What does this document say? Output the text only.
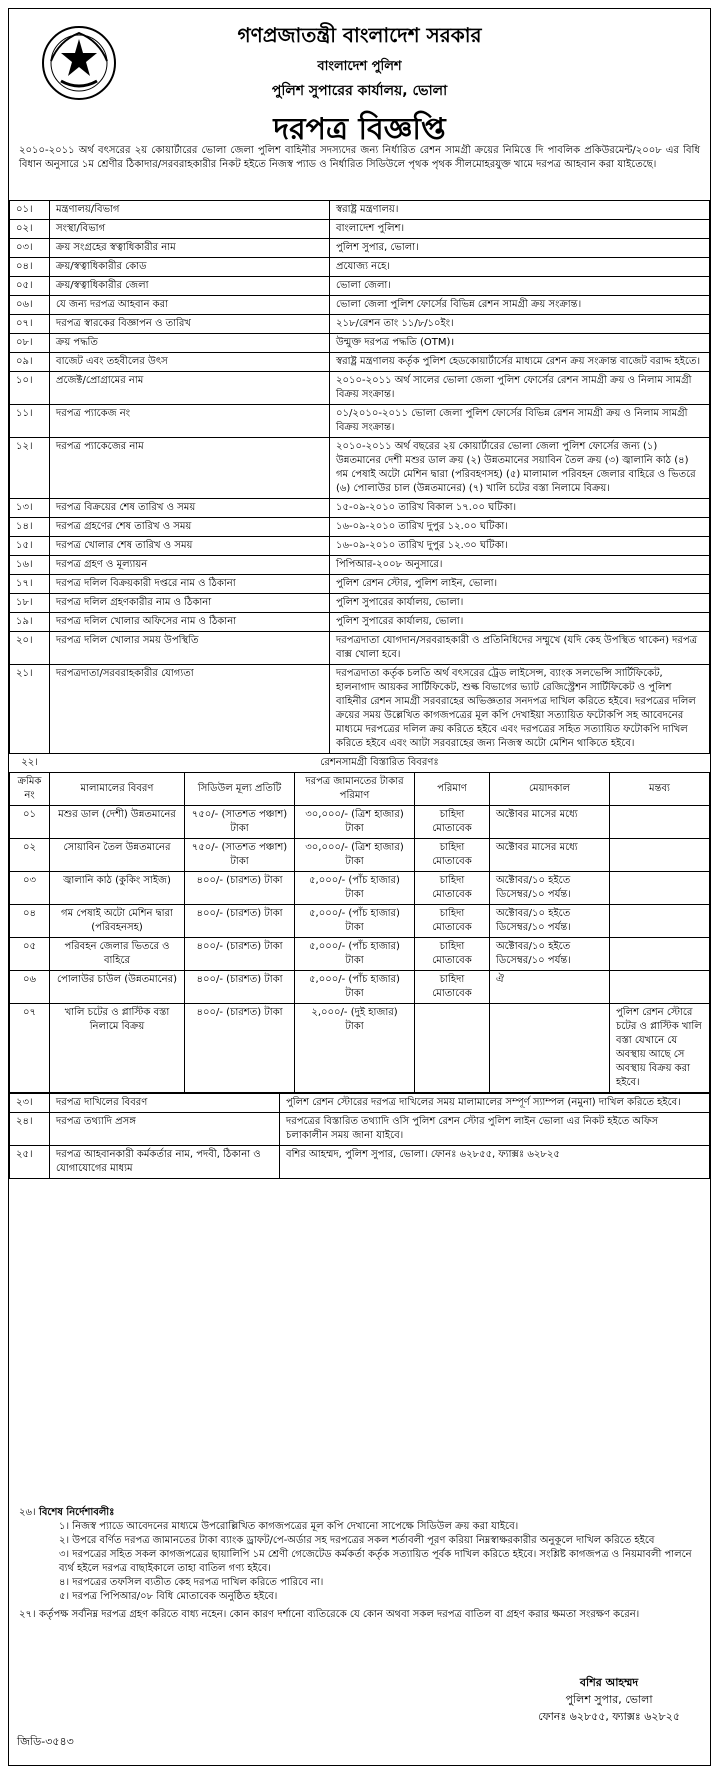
গণপ্রজাতন্ত্রী বাংলাদেশ সরকার
বাংলাদেশ পুলিশ
পুলিশ সুপারের কার্যালয়, ভোলা
দরপত্র বিজ্ঞপ্তি
২০১০-২০১১ অর্থ বৎসরের ২য় কোয়ার্টারের ভোলা জেলা পুলিশ বাহিনীর সদস্যদের জন্য নির্ধারিত রেশন সামগ্রী ক্রয়ের নিমিত্তে দি পাবলিক প্রকিউরমেন্ট/২০০৮ এর বিধি বিধান অনুসারে ১ম শ্রেণীর ঠিকাদার/সরবরাহকারীর নিকট হইতে নিজস্ব প্যাড ও নির্ধারিত সিডিউলে পৃথক পৃথক সীলমোহরযুক্ত খামে দরপত্র আহবান করা যাইতেছে।
০১।	মন্ত্রণালয়/বিভাগ	স্বরাষ্ট্র মন্ত্রণালয়।
০২।	সংস্থা/বিভাগ	বাংলাদেশ পুলিশ।
০৩।	ক্রয় সংগ্রহের স্বত্বাধিকারীর নাম	পুলিশ সুপার, ভোলা।
০৪।	ক্রয়/স্বত্বাধিকারীর কোড	প্রযোজ্য নহে।
০৫।	ক্রয়/স্বত্বাধিকারীর জেলা	ভোলা জেলা।
০৬।	যে জন্য দরপত্র আহবান করা	ভোলা জেলা পুলিশ ফোর্সের বিভিন্ন রেশন সামগ্রী ক্রয় সংক্রান্ত।
০৭।	দরপত্র স্বারকের বিজ্ঞাপন ও তারিখ	২১৮/রেশন তাং ১১/৮/১০ইং।
০৮।	ক্রয় পদ্ধতি	উন্মুক্ত দরপত্র পদ্ধতি (OTM)।
০৯।	বাজেট এবং তহবীলের উৎস	স্বরাষ্ট্র মন্ত্রণালয় কর্তৃক পুলিশ হেডকোয়ার্টার্সের মাধ্যমে রেশন ক্রয় সংক্রান্ত বাজেট বরাদ্দ হইতে।
১০।	প্রজেক্ট/প্রোগ্রামের নাম	২০১০-২০১১ অর্থ সালের ভোলা জেলা পুলিশ ফোর্সের রেশন সামগ্রী ক্রয় ও নিলাম সামগ্রী বিক্রয় সংক্রান্ত।
১১।	দরপত্র প্যাকেজ নং	০১/২০১০-২০১১ ভোলা জেলা পুলিশ ফোর্সের বিভিন্ন রেশন সামগ্রী ক্রয় ও নিলাম সামগ্রী বিক্রয় সংক্রান্ত।
১২।	দরপত্র প্যাকেজের নাম	২০১০-২০১১ অর্থ বছরের ২য় কোয়ার্টারের ভোলা জেলা পুলিশ ফোর্সের জন্য (১) উন্নতমানের দেশী মশুর ডাল ক্রয় (২) উন্নতমানের সয়াবিন তৈল ক্রয় (৩) জ্বালানি কাঠ (৪) গম পেষাই অটো মেশিন দ্বারা (পরিবহণসহ) (৫) মালামাল পরিবহন জেলার বাহিরে ও ভিতরে (৬) পোলাউর চাল (উন্নতমানের) (৭) খালি চটের বস্তা নিলামে বিক্রয়।
১৩।	দরপত্র বিক্রয়ের শেষ তারিখ ও সময়	১৫-০৯-২০১০ তারিখ বিকাল ১৭.০০ ঘটিকা।
১৪।	দরপত্র গ্রহণের শেষ তারিখ ও সময়	১৬-০৯-২০১০ তারিখ দুপুর ১২.০০ ঘটিকা।
১৫।	দরপত্র খোলার শেষ তারিখ ও সময়	১৬-০৯-২০১০ তারিখ দুপুর ১২.৩০ ঘটিকা।
১৬।	দরপত্র গ্রহণ ও মূল্যায়ন	পিপিআর-২০০৮ অনুসারে।
১৭।	দরপত্র দলিল বিক্রয়কারী দপ্তরে নাম ও ঠিকানা	পুলিশ রেশন স্টোর, পুলিশ লাইন, ভোলা।
১৮।	দরপত্র দলিল গ্রহণকারীর নাম ও ঠিকানা	পুলিশ সুপারের কার্যালয়, ভোলা।
১৯।	দরপত্র দলিল খোলার অফিসের নাম ও ঠিকানা	পুলিশ সুপারের কার্যালয়, ভোলা।
২০।	দরপত্র দলিল খোলার সময় উপস্থিতি	দরপত্রদাতা যোগদান/সরবরাহকারী ও প্রতিনিধিদের সম্মুখে (যদি কেহ উপস্থিত থাকেন) দরপত্র বাক্স খোলা হবে।
২১।	দরপত্রদাতা/সরবরাহকারীর যোগ্যতা	দরপত্রদাতা কর্তৃক চলতি অর্থ বৎসরের ট্রেড লাইসেন্স, ব্যাংক সলভেন্সি সার্টিফিকেট, হালনাগাদ আয়কর সার্টিফিকেট, শুল্ক বিভাগের ভ্যাট রেজিস্ট্রেশন সার্টিফিকেট ও পুলিশ বাহিনীর রেশন সামগ্রী সরবরাহের অভিজ্ঞতার সনদপত্র দাখিল করিতে হইবে। দরপত্রের দলিল ক্রয়ের সময় উল্লেখিত কাগজপত্রের মূল কপি দেখাইয়া সত্যায়িত ফটোকপি সহ আবেদনের মাধ্যমে দরপত্রের দলিল ক্রয় করিতে হইবে এবং দরপত্রের সহিত সত্যায়িত ফটোকপি দাখিল করিতে হইবে এবং আটা সরবরাহের জন্য নিজস্ব অটো মেশিন থাকিতে হইবে।
২২।	রেশনসামগ্রী বিস্তারিত বিবরণঃ					
ক্রমিক নং	মালামালের বিবরণ	সিডিউল মূল্য প্রতিটি	দরপত্র জামানতের টাকার পরিমাণ	পরিমাণ	মেয়াদকাল	মন্তব্য
০১	মশুর ডাল (দেশী) উন্নতমানের	৭৫০/- (সাতশত পঞ্চাশ) টাকা	৩০,০০০/- (ত্রিশ হাজার) টাকা	চাহিদা মোতাবেক	অক্টোবর মাসের মধ্যে	
০২	সোয়াবিন তৈল উন্নতমানের	৭৫০/- (সাতশত পঞ্চাশ) টাকা	৩০,০০০/- (ত্রিশ হাজার) টাকা	চাহিদা মোতাবেক	অক্টোবর মাসের মধ্যে	
০৩	জ্বালানি কাঠ (কুকিং সাইজ)	৪০০/- (চারশত) টাকা	৫,০০০/- (পাঁচ হাজার) টাকা	চাহিদা মোতাবেক	অক্টোবর/১০ হইতে ডিসেম্বর/১০ পর্যন্ত।	
০৪	গম পেষাই অটো মেশিন দ্বারা (পরিবহনসহ)	৪০০/- (চারশত) টাকা	৫,০০০/- (পাঁচ হাজার) টাকা	চাহিদা মোতাবেক	অক্টোবর/১০ হইতে ডিসেম্বর/১০ পর্যন্ত।	
০৫	পরিবহন জেলার ভিতরে ও বাহিরে	৪০০/- (চারশত) টাকা	৫,০০০/- (পাঁচ হাজার) টাকা	চাহিদা মোতাবেক	অক্টোবর/১০ হইতে ডিসেম্বর/১০ পর্যন্ত।	
০৬	পোলাউর চাউল (উন্নতমানের)	৪০০/- (চারশত) টাকা	৫,০০০/- (পাঁচ হাজার) টাকা	চাহিদা মোতাবেক	ঐ	
০৭	খালি চটের ও প্লাস্টিক বস্তা নিলামে বিক্রয়	৪০০/- (চারশত) টাকা	২,০০০/- (দুই হাজার) টাকা			পুলিশ রেশন স্টোরে চটের ও প্লাস্টিক খালি বস্তা যেখানে যে অবস্থায় আছে সে অবস্থায় বিক্রয় করা হইবে।
২৩।	দরপত্র দাখিলের বিবরণ	পুলিশ রেশন স্টোরের দরপত্র দাখিলের সময় মালামালের সম্পূর্ণ স্যাম্পল (নমুনা) দাখিল করিতে হইবে।
২৪।	দরপত্র তথ্যাদি প্রসঙ্গ	দরপত্রের বিস্তারিত তথ্যাদি ওসি পুলিশ রেশন স্টোর পুলিশ লাইন ভোলা এর নিকট হইতে অফিস চলাকালীন সময় জানা যাইবে।
২৫।	দরপত্র আহবানকারী কর্মকর্তার নাম, পদবী, ঠিকানা ও যোগাযোগের মাধ্যম	বশির আহম্মদ, পুলিশ সুপার, ভোলা। ফোনঃ ৬২৮৫৫, ফ্যাক্সঃ ৬২৮২৫
২৬। বিশেষ নির্দেশাবলীঃ
১। নিজস্ব প্যাডে আবেদনের মাধ্যমে উপরোল্লিখিত কাগজপত্রের মূল কপি দেখানো সাপেক্ষে সিডিউল ক্রয় করা যাইবে।
২। উপরে বর্ণিত দরপত্র জামানতের টাকা ব্যাংক ড্রাফট/পে-অর্ডার সহ দরপত্রের সকল শর্তাবলী পূরণ করিয়া নিম্নস্বাক্ষরকারীর অনুকূলে দাখিল করিতে হইবে
৩। দরপত্রের সহিত সকল কাগজপত্রের ছায়ালিপি ১ম শ্রেণী গেজেটেড কর্মকর্তা কর্তৃক সত্যায়িত পূর্বক দাখিল করিতে হইবে। সংশ্লিষ্ট কাগজপত্র ও নিয়মাবলী পালনে ব্যর্থ হইলে দরপত্র বাছাইকালে তাহা বাতিল গণ্য হইবে।
৪। দরপত্রের তফসিল ব্যতীত কেহ দরপত্র দাখিল করিতে পারিবে না।
৫। দরপত্র পিপিআর/০৮ বিধি মোতাবেক অনুষ্ঠিত হইবে।
২৭। কর্তৃপক্ষ সর্বনিম্ন দরপত্র গ্রহণ করিতে বাধ্য নহেন। কোন কারণ দর্শানো ব্যতিরেকে যে কোন অথবা সকল দরপত্র বাতিল বা গ্রহণ করার ক্ষমতা সংরক্ষণ করেন।
বশির আহম্মদ
পুলিশ সুপার, ভোলা
ফোনঃ ৬২৮৫৫, ফ্যাক্সঃ ৬২৮২৫
জিডি-৩৫৪৩
